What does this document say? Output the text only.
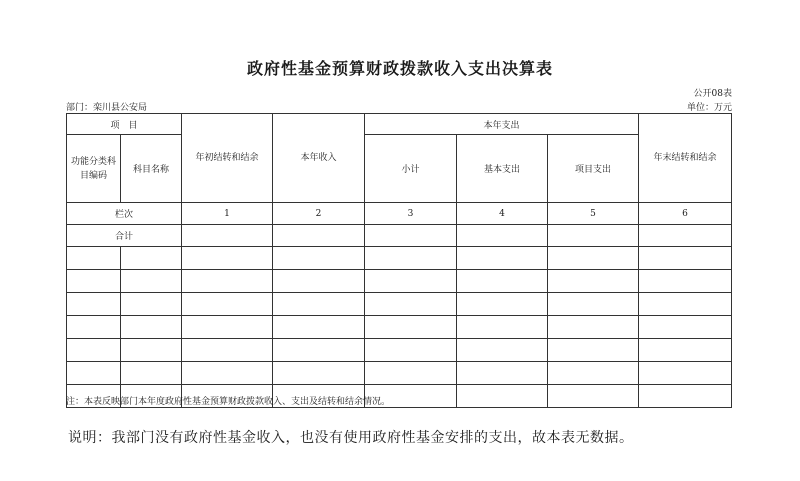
政府性基金预算财政拨款收入支出决算表
公开08表
部门：栾川县公安局	单位：万元
项　目		年初结转和结余	本年收入	本年支出			年末结转和结余
功能分类科目编码	科目名称			小计	基本支出	项目支出	

栏次		1	2	3	4	5	6
合计							

注：本表反映部门本年度政府性基金预算财政拨款收入、支出及结转和结余情况。
说明：我部门没有政府性基金收入，也没有使用政府性基金安排的支出，故本表无数据。
